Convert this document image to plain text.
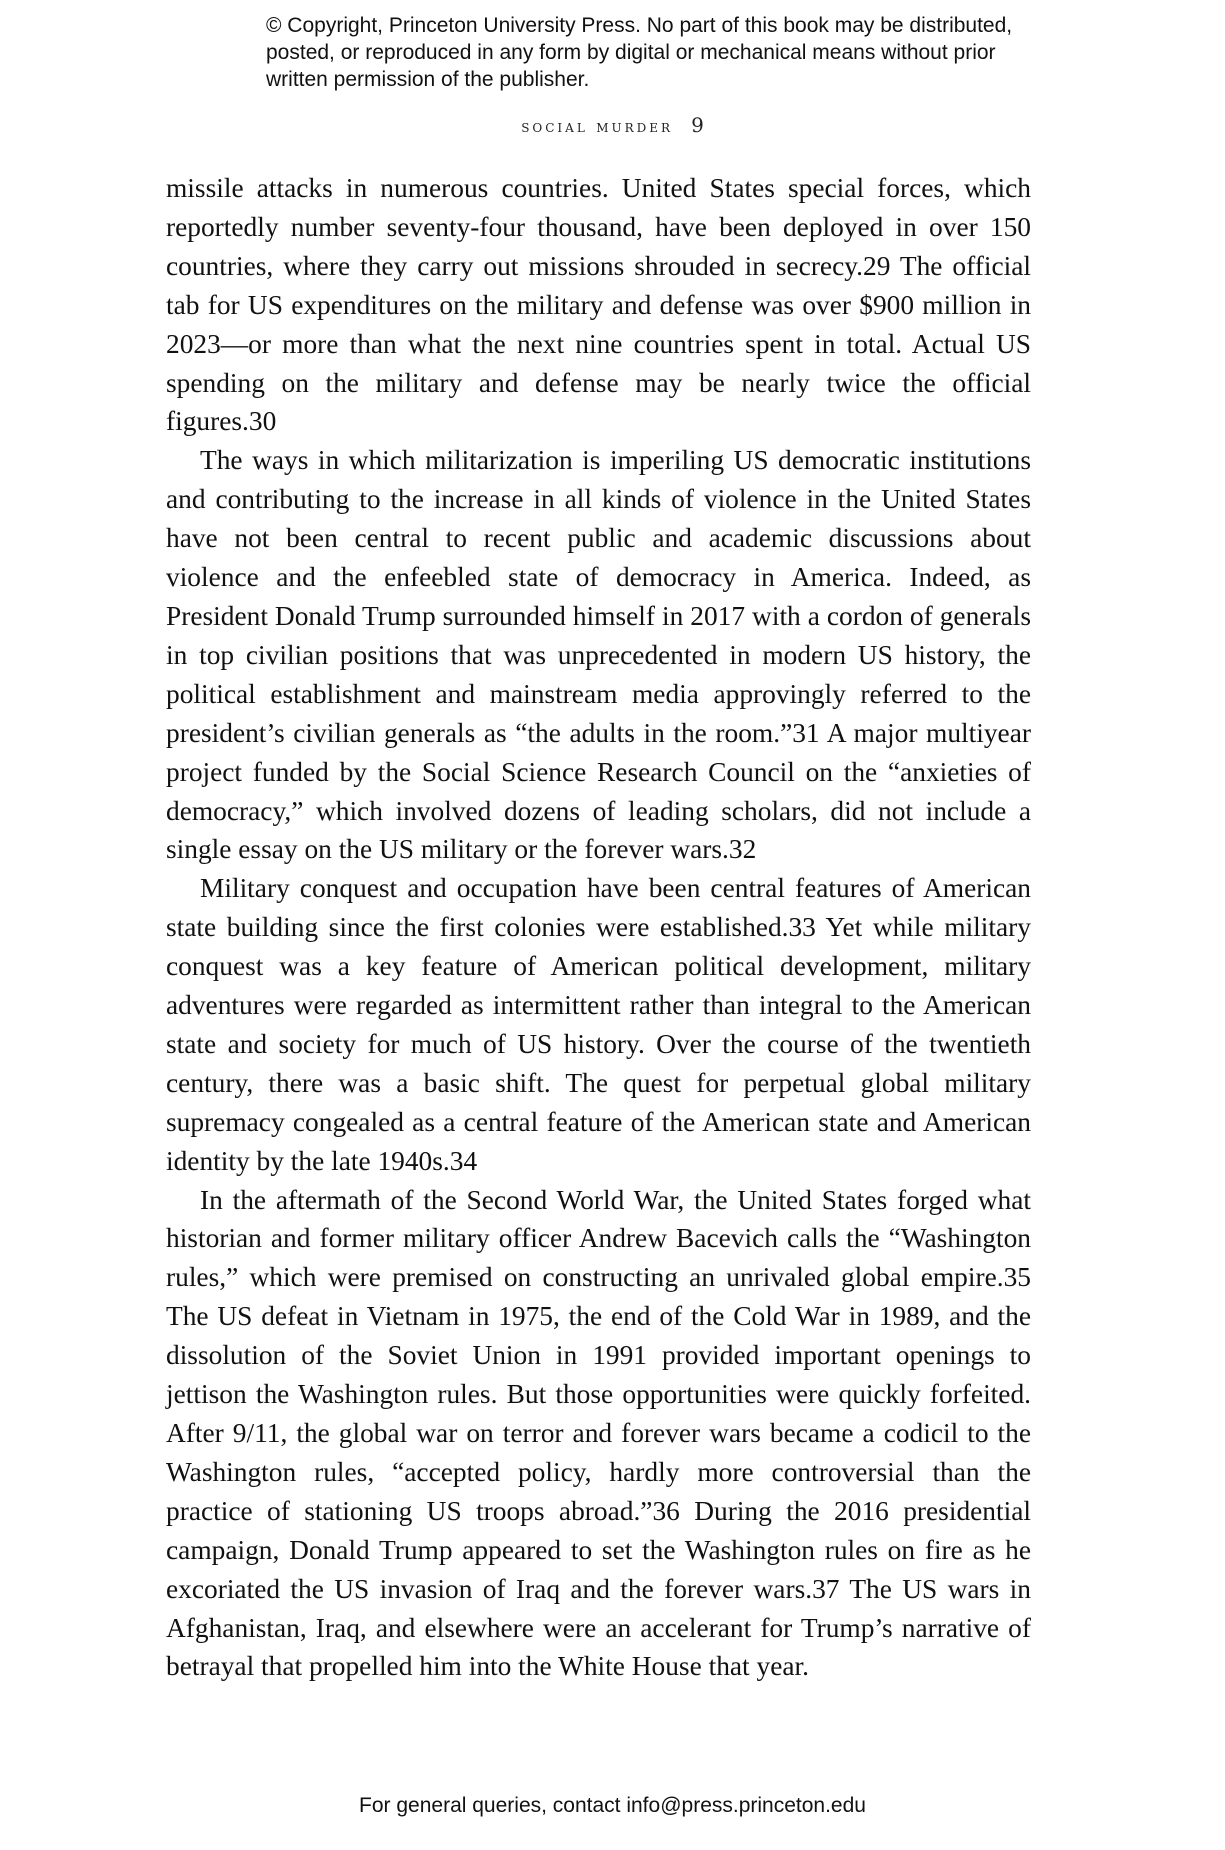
© Copyright, Princeton University Press. No part of this book may be distributed, posted, or reproduced in any form by digital or mechanical means without prior written permission of the publisher.
social murder 9

missile attacks in numerous countries. United States special forces, which reportedly number seventy-four thousand, have been deployed in over 150 countries, where they carry out missions shrouded in secrecy.29 The official tab for US expenditures on the military and defense was over $900 million in 2023—or more than what the next nine countries spent in total. Actual US spending on the military and defense may be nearly twice the official figures.30

The ways in which militarization is imperiling US democratic institutions and contributing to the increase in all kinds of violence in the United States have not been central to recent public and academic discussions about violence and the enfeebled state of democracy in America. Indeed, as President Donald Trump surrounded himself in 2017 with a cordon of generals in top civilian positions that was unprecedented in modern US history, the political establishment and mainstream media approvingly referred to the president’s civilian generals as “the adults in the room.”31 A major multiyear project funded by the Social Science Research Council on the “anxieties of democracy,” which involved dozens of leading scholars, did not include a single essay on the US military or the forever wars.32

Military conquest and occupation have been central features of American state building since the first colonies were established.33 Yet while military conquest was a key feature of American political development, military adventures were regarded as intermittent rather than integral to the American state and society for much of US history. Over the course of the twentieth century, there was a basic shift. The quest for perpetual global military supremacy congealed as a central feature of the American state and American identity by the late 1940s.34

In the aftermath of the Second World War, the United States forged what historian and former military officer Andrew Bacevich calls the “Washington rules,” which were premised on constructing an unrivaled global empire.35 The US defeat in Vietnam in 1975, the end of the Cold War in 1989, and the dissolution of the Soviet Union in 1991 provided important openings to jettison the Washington rules. But those opportunities were quickly forfeited. After 9/11, the global war on terror and forever wars became a codicil to the Washington rules, “accepted policy, hardly more controversial than the practice of stationing US troops abroad.”36 During the 2016 presidential campaign, Donald Trump appeared to set the Washington rules on fire as he excoriated the US invasion of Iraq and the forever wars.37 The US wars in Afghanistan, Iraq, and elsewhere were an accelerant for Trump’s narrative of betrayal that propelled him into the White House that year.

For general queries, contact info@press.princeton.edu
